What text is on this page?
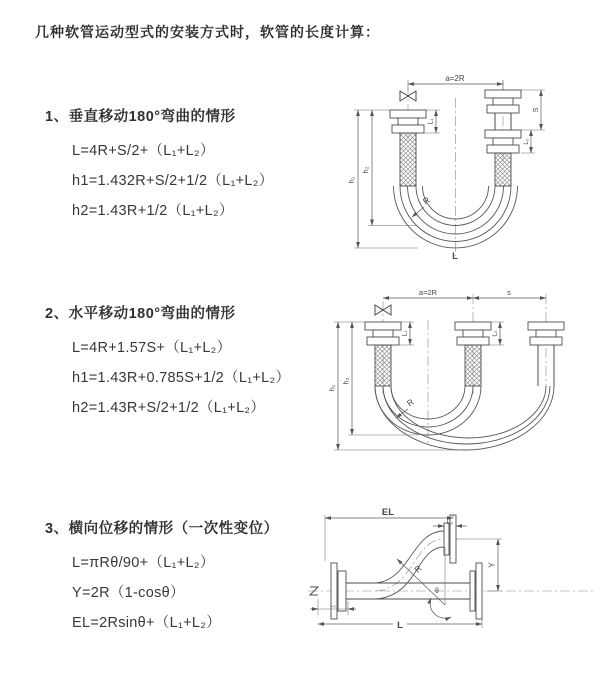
几种软管运动型式的安装方式时，软管的长度计算：
1、垂直移动180°弯曲的情形
L=4R+S/2+（L₁+L₂）
h1=1.432R+S/2+1/2（L₁+L₂）
h2=1.43R+1/2（L₁+L₂）
a=2R
h₁
h₂
L₁
S
L₂
R
L
2、水平移动180°弯曲的情形
L=4R+1.57S+（L₁+L₂）
h1=1.43R+0.785S+1/2（L₁+L₂）
h2=1.43R+S/2+1/2（L₁+L₂）
a=2R	s
h₁
h₂
L₁	L₂
R
3、横向位移的情形（一次性变位）
L=πRθ/90+（L₁+L₂）
Y=2R（1-cosθ）
EL=2Rsinθ+（L₁+L₂）
R
θ
EL
L₂
Y
L₁
L
